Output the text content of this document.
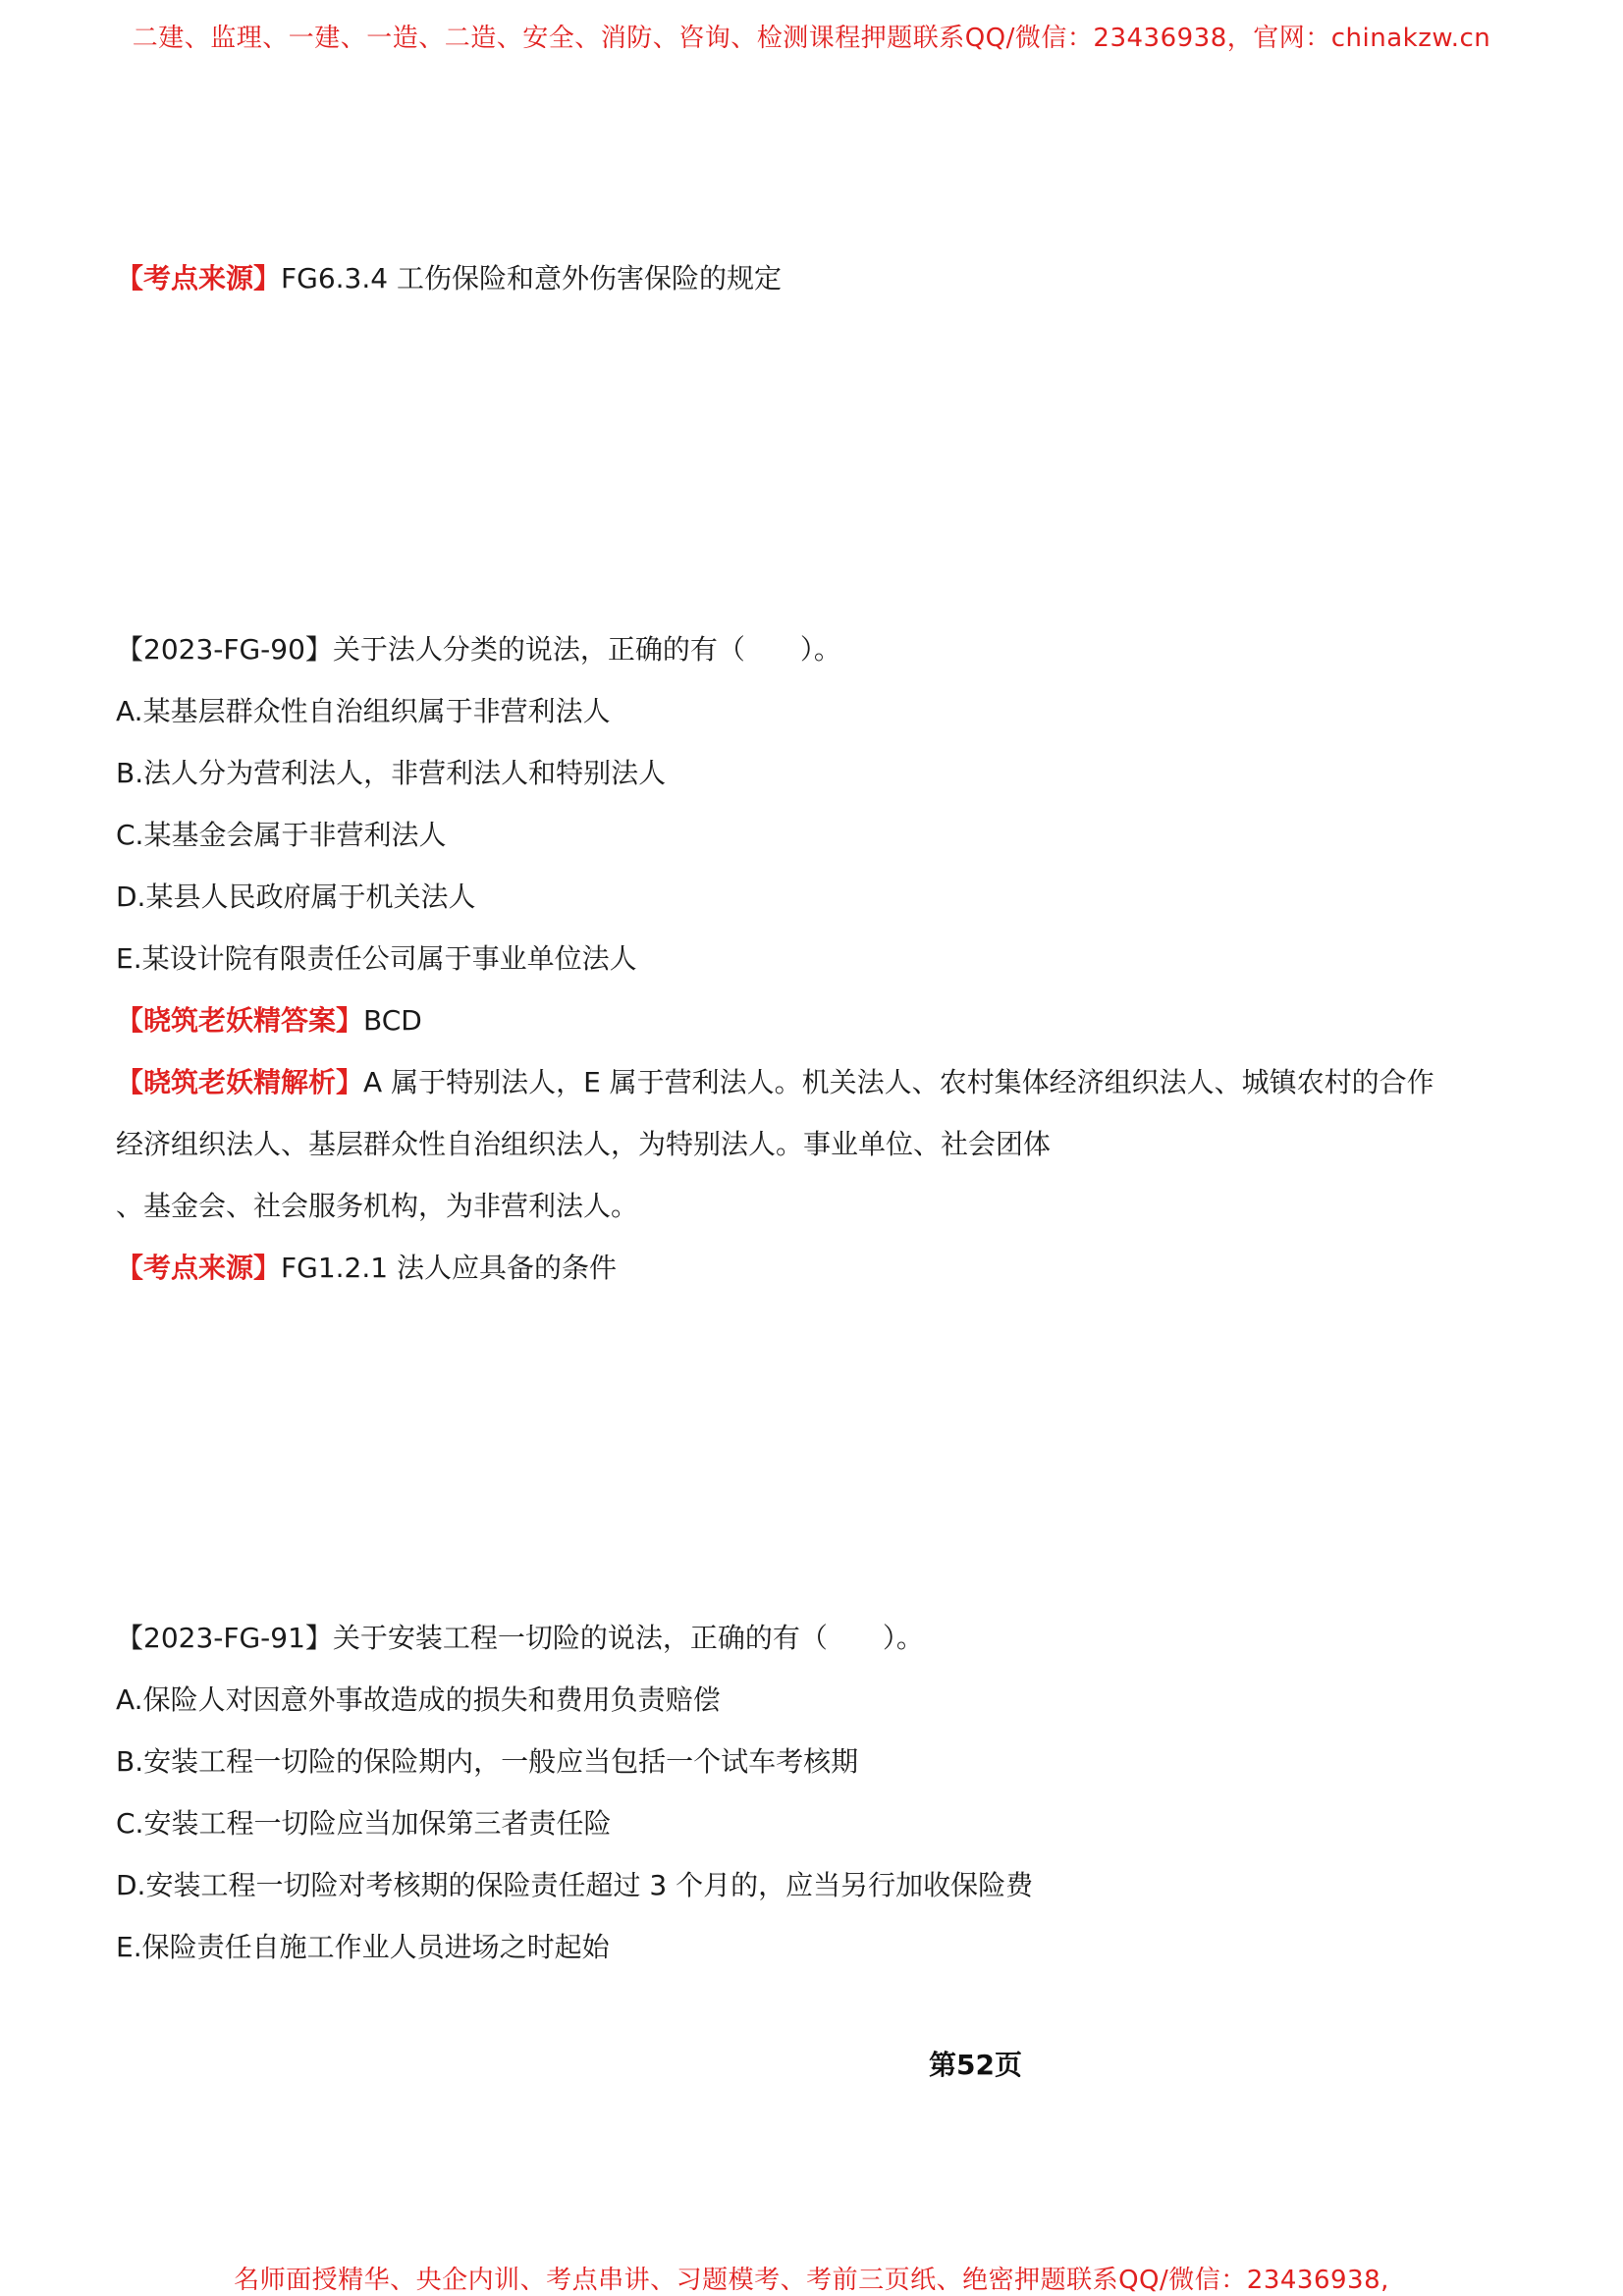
二建、监理、一建、一造、二造、安全、消防、咨询、检测课程押题联系QQ/微信：23436938，官网：chinakzw.cn
【考点来源】FG6.3.4 工伤保险和意外伤害保险的规定
【2023-FG-90】关于法人分类的说法，正确的有（　　）。
A.某基层群众性自治组织属于非营利法人
B.法人分为营利法人，非营利法人和特别法人
C.某基金会属于非营利法人
D.某县人民政府属于机关法人
E.某设计院有限责任公司属于事业单位法人
【晓筑老妖精答案】BCD
【晓筑老妖精解析】A 属于特别法人，E 属于营利法人。机关法人、农村集体经济组织法人、城镇农村的合作
经济组织法人、基层群众性自治组织法人，为特别法人。事业单位、社会团体
、基金会、社会服务机构，为非营利法人。
【考点来源】FG1.2.1 法人应具备的条件
【2023-FG-91】关于安装工程一切险的说法，正确的有（　　）。
A.保险人对因意外事故造成的损失和费用负责赔偿
B.安装工程一切险的保险期内，一般应当包括一个试车考核期
C.安装工程一切险应当加保第三者责任险
D.安装工程一切险对考核期的保险责任超过 3 个月的，应当另行加收保险费
E.保险责任自施工作业人员进场之时起始
第52页
名师面授精华、央企内训、考点串讲、习题模考、考前三页纸、绝密押题联系QQ/微信：23436938,
